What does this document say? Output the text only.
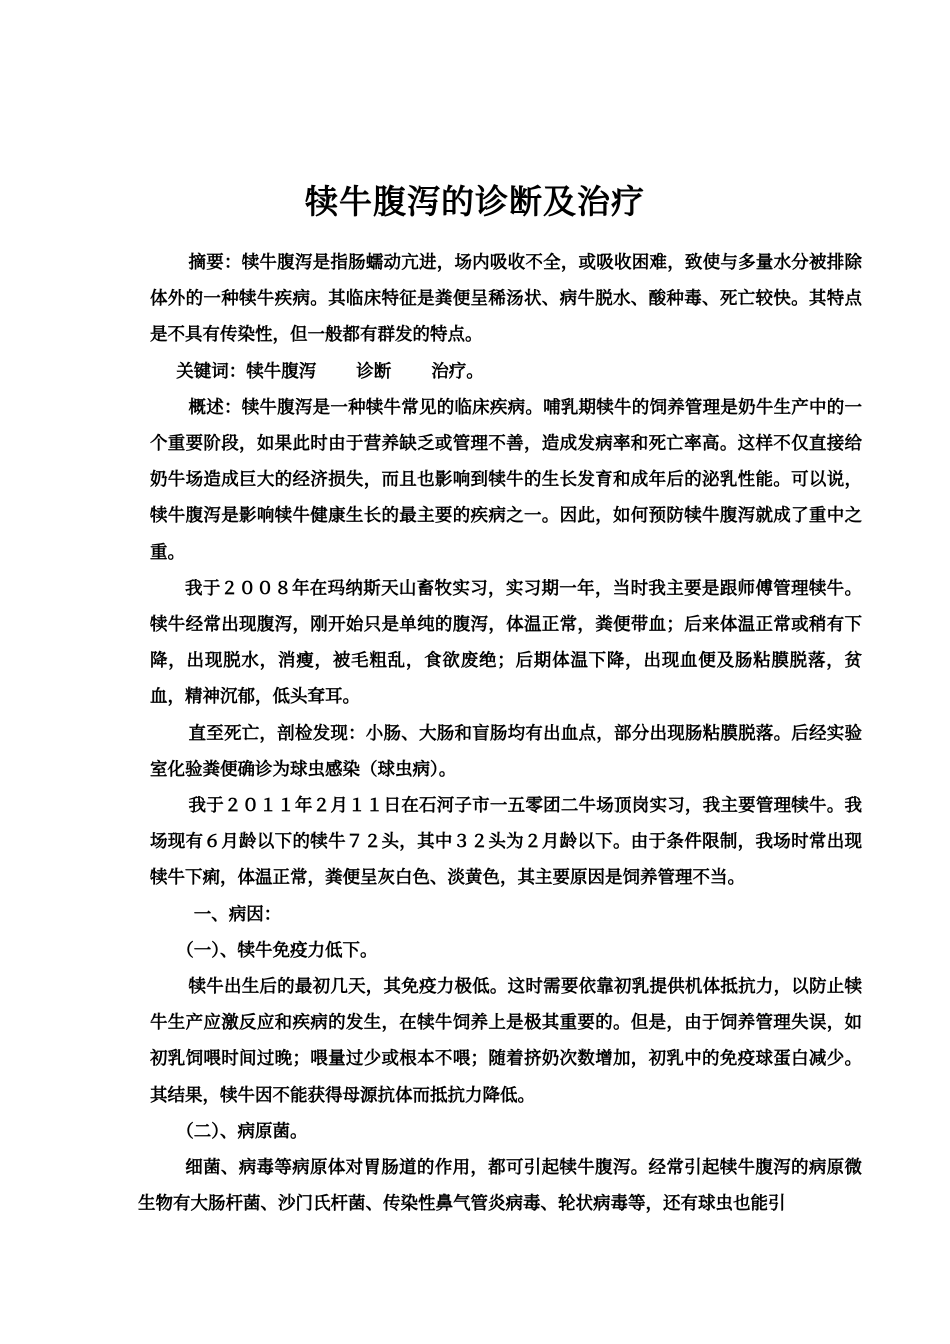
犊牛腹泻的诊断及治疗

摘要：犊牛腹泻是指肠蠕动亢进，场内吸收不全，或吸收困难，致使与多量水分被排除体外的一种犊牛疾病。其临床特征是粪便呈稀汤状、病牛脱水、酸种毒、死亡较快。其特点是不具有传染性，但一般都有群发的特点。

关键词：犊牛腹泻 诊断 治疗。

概述：犊牛腹泻是一种犊牛常见的临床疾病。哺乳期犊牛的饲养管理是奶牛生产中的一个重要阶段，如果此时由于营养缺乏或管理不善，造成发病率和死亡率高。这样不仅直接给奶牛场造成巨大的经济损失，而且也影响到犊牛的生长发育和成年后的泌乳性能。可以说，犊牛腹泻是影响犊牛健康生长的最主要的疾病之一。因此，如何预防犊牛腹泻就成了重中之重。

我于２００８年在玛纳斯天山畜牧实习，实习期一年，当时我主要是跟师傅管理犊牛。犊牛经常出现腹泻，刚开始只是单纯的腹泻，体温正常，粪便带血；后来体温正常或稍有下降，出现脱水，消瘦，被毛粗乱，食欲废绝；后期体温下降，出现血便及肠粘膜脱落，贫血，精神沉郁，低头耷耳。

直至死亡，剖检发现：小肠、大肠和盲肠均有出血点，部分出现肠粘膜脱落。后经实验室化验粪便确诊为球虫感染（球虫病）。

我于２０１１年２月１１日在石河子市一五零团二牛场顶岗实习，我主要管理犊牛。我场现有６月龄以下的犊牛７２头，其中３２头为２月龄以下。由于条件限制，我场时常出现犊牛下痢，体温正常，粪便呈灰白色、淡黄色，其主要原因是饲养管理不当。

一、病因：

（一）、犊牛免疫力低下。

犊牛出生后的最初几天，其免疫力极低。这时需要依靠初乳提供机体抵抗力，以防止犊牛生产应激反应和疾病的发生，在犊牛饲养上是极其重要的。但是，由于饲养管理失误，如初乳饲喂时间过晚；喂量过少或根本不喂；随着挤奶次数增加，初乳中的免疫球蛋白减少。其结果，犊牛因不能获得母源抗体而抵抗力降低。

（二）、病原菌。

细菌、病毒等病原体对胃肠道的作用，都可引起犊牛腹泻。经常引起犊牛腹泻的病原微生物有大肠杆菌、沙门氏杆菌、传染性鼻气管炎病毒、轮状病毒等，还有球虫也能引
